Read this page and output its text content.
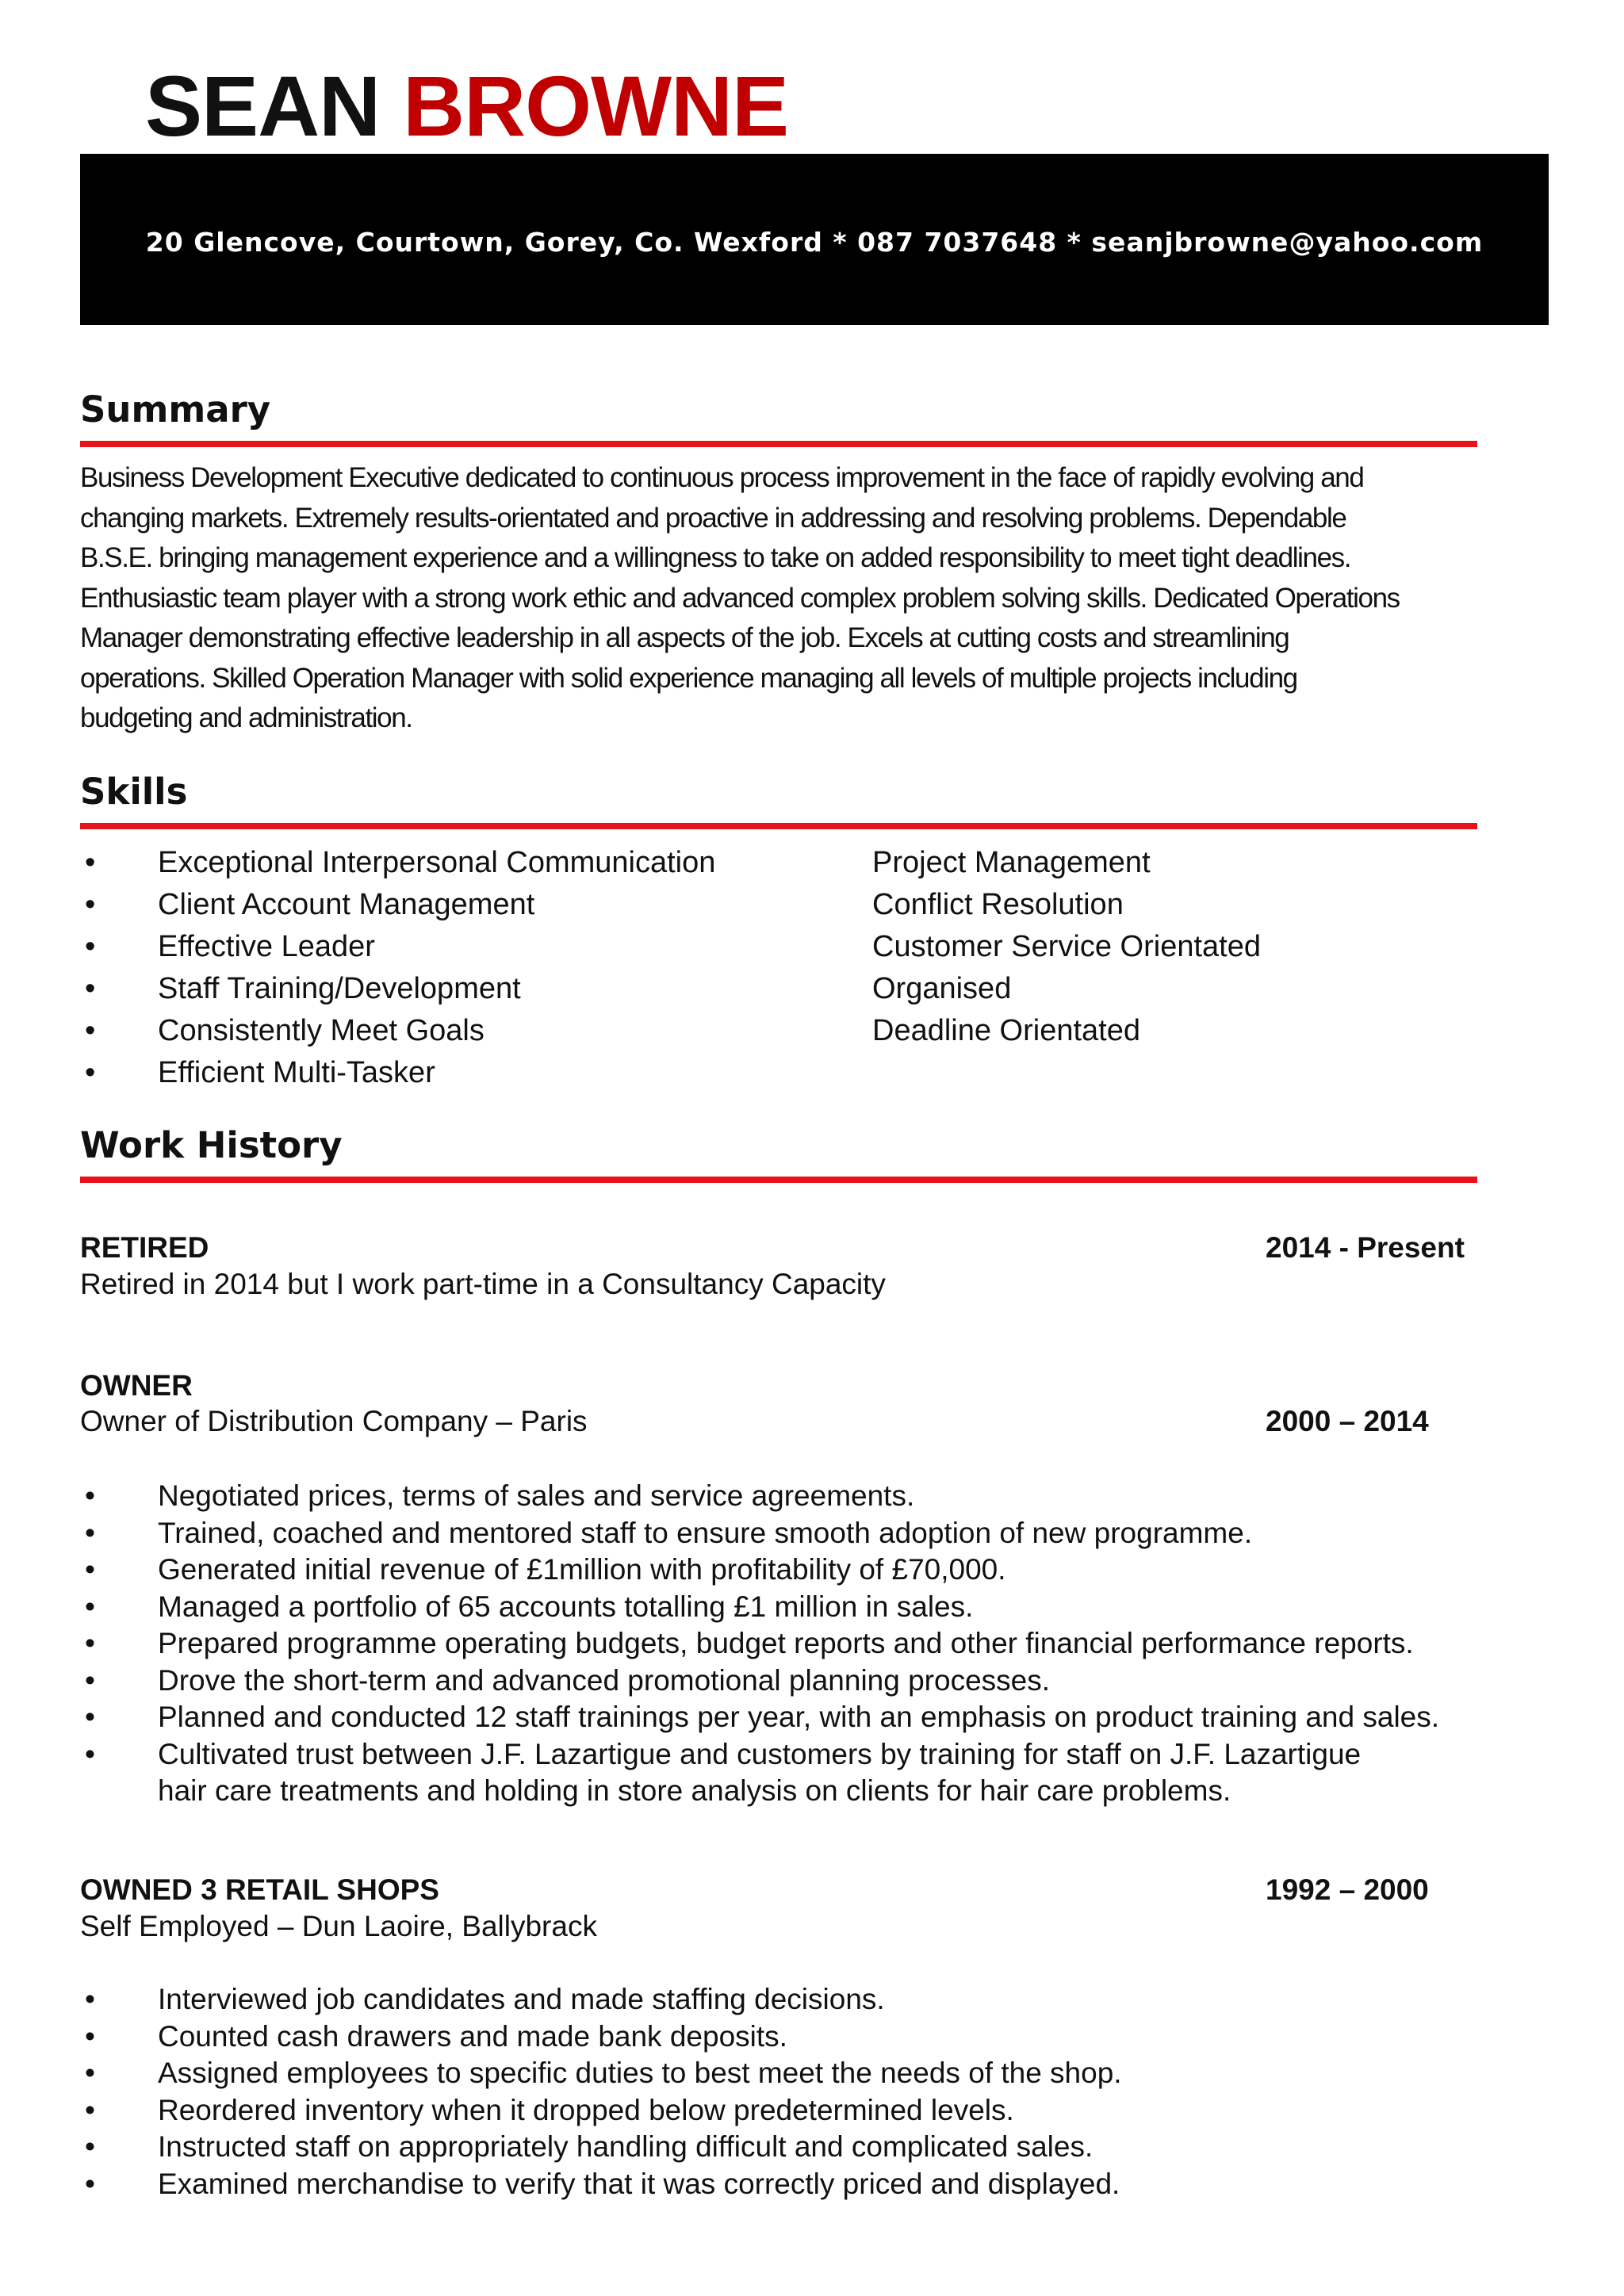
SEAN BROWNE
20 Glencove, Courtown, Gorey, Co. Wexford * 087 7037648 * seanjbrowne@yahoo.com
Summary

Business Development Executive dedicated to continuous process improvement in the face of rapidly evolving and

changing markets. Extremely results-orientated and proactive in addressing and resolving problems. Dependable

B.S.E. bringing management experience and a willingness to take on added responsibility to meet tight deadlines.

Enthusiastic team player with a strong work ethic and advanced complex problem solving skills. Dedicated Operations

Manager demonstrating effective leadership in all aspects of the job. Excels at cutting costs and streamlining

operations. Skilled Operation Manager with solid experience managing all levels of multiple projects including

budgeting and administration.

Skills
• Exceptional Interpersonal Communication
• Client Account Management
• Effective Leader
• Staff Training/Development
• Consistently Meet Goals
• Efficient Multi-Tasker
Project Management
Conflict Resolution
Customer Service Orientated
Organised
Deadline Orientated
Work History
RETIRED	2014 - Present
Retired in 2014 but I work part-time in a Consultancy Capacity
OWNER
Owner of Distribution Company – Paris	2000 – 2014
• Negotiated prices, terms of sales and service agreements.
• Trained, coached and mentored staff to ensure smooth adoption of new programme.
• Generated initial revenue of £1million with profitability of £70,000.
• Managed a portfolio of 65 accounts totalling £1 million in sales.
• Prepared programme operating budgets, budget reports and other financial performance reports.
• Drove the short-term and advanced promotional planning processes.
• Planned and conducted 12 staff trainings per year, with an emphasis on product training and sales.
• Cultivated trust between J.F. Lazartigue and customers by training for staff on J.F. Lazartigue
hair care treatments and holding in store analysis on clients for hair care problems.
OWNED 3 RETAIL SHOPS	1992 – 2000
Self Employed – Dun Laoire, Ballybrack
• Interviewed job candidates and made staffing decisions.
• Counted cash drawers and made bank deposits.
• Assigned employees to specific duties to best meet the needs of the shop.
• Reordered inventory when it dropped below predetermined levels.
• Instructed staff on appropriately handling difficult and complicated sales.
• Examined merchandise to verify that it was correctly priced and displayed.
